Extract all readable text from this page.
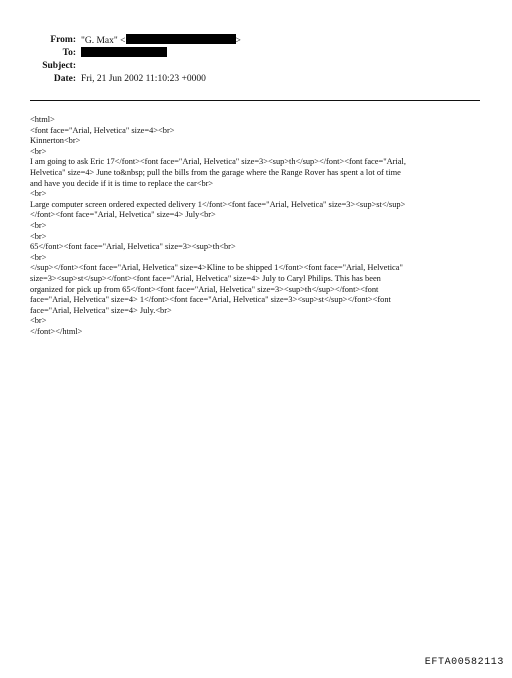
From: "G. Max" <	>
To:
Subject:
Date: Fri, 21 Jun 2002 11:10:23 +0000
<html>
<font face="Arial, Helvetica" size=4><br>
Kinnerton<br>
<br>
I am going to ask Eric 17</font><font face="Arial, Helvetica" size=3><sup>th</sup></font><font face="Arial,
Helvetica" size=4> June to&nbsp; pull the bills from the garage where the Range Rover has spent a lot of time
and have you decide if it is time to replace the car<br>
<br>
Large computer screen ordered expected delivery 1</font><font face="Arial, Helvetica" size=3><sup>st</sup>
</font><font face="Arial, Helvetica" size=4> July<br>
<br>
<br>
65</font><font face="Arial, Helvetica" size=3><sup>th<br>
<br>
</sup></font><font face="Arial, Helvetica" size=4>Kline to be shipped 1</font><font face="Arial, Helvetica"
size=3><sup>st</sup></font><font face="Arial, Helvetica" size=4> July to Caryl Philips. This has been
organized for pick up from 65</font><font face="Arial, Helvetica" size=3><sup>th</sup></font><font
face="Arial, Helvetica" size=4> 1</font><font face="Arial, Helvetica" size=3><sup>st</sup></font><font
face="Arial, Helvetica" size=4> July.<br>
<br>
</font></html>
EFTA00582113
